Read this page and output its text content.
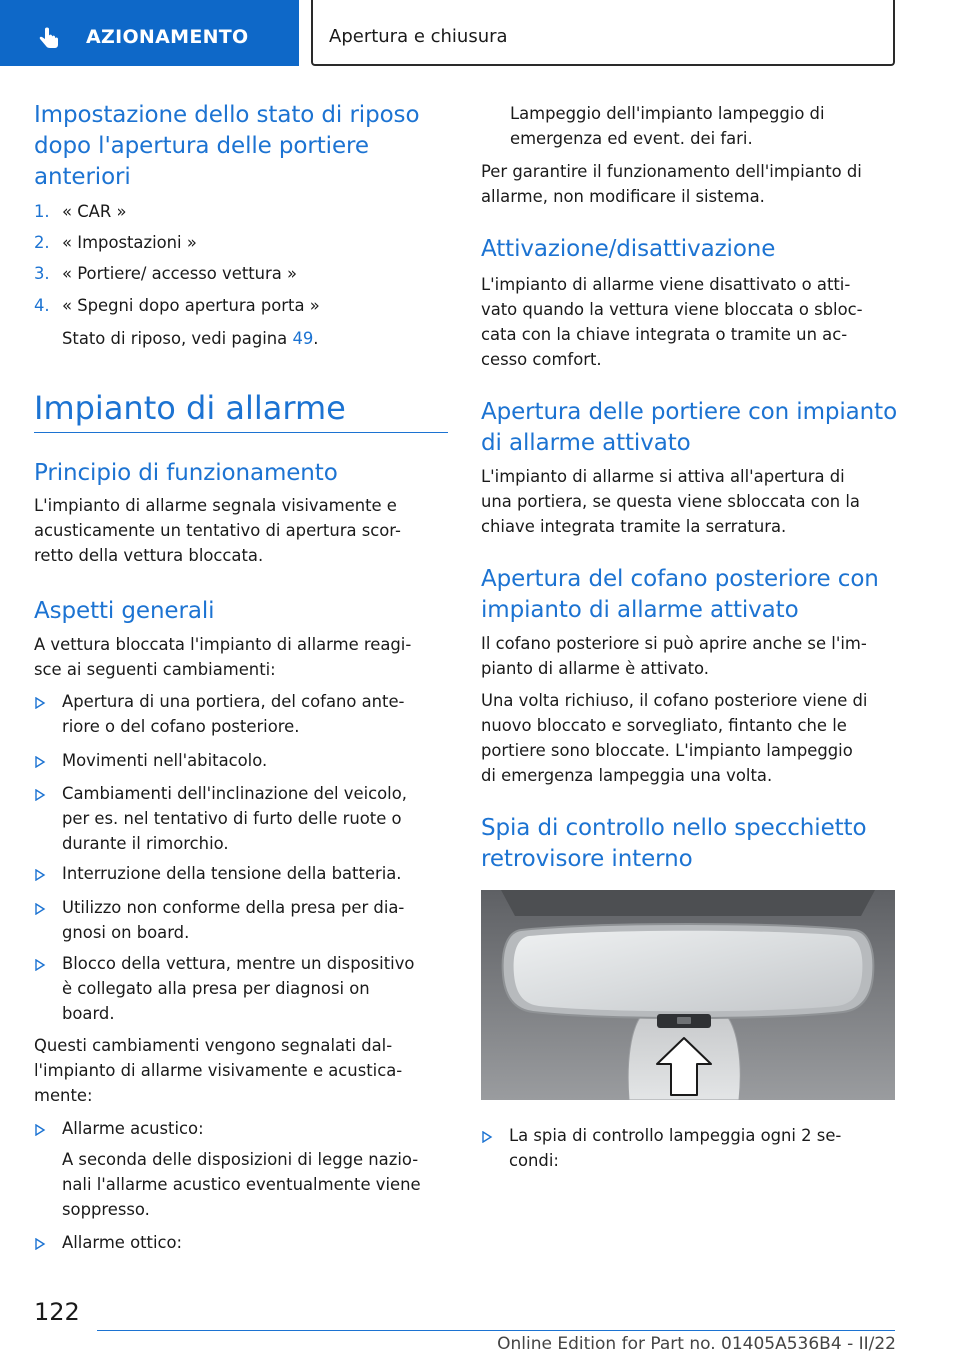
AZIONAMENTO	Apertura e chiusura
Impostazione dello stato di riposo dopo l'apertura delle portiere anteriori
1. « CAR »
2. « Impostazioni »
3. « Portiere/ accesso vettura »
4. « Spegni dopo apertura porta »
Stato di riposo, vedi pagina 49.
Impianto di allarme
Principio di funzionamento
L'impianto di allarme segnala visivamente e
acusticamente un tentativo di apertura scor-
retto della vettura bloccata.
Aspetti generali
A vettura bloccata l'impianto di allarme reagi-
sce ai seguenti cambiamenti:
Apertura di una portiera, del cofano ante-
riore o del cofano posteriore.
Movimenti nell'abitacolo.
Cambiamenti dell'inclinazione del veicolo,
per es. nel tentativo di furto delle ruote o
durante il rimorchio.
Interruzione della tensione della batteria.
Utilizzo non conforme della presa per dia-
gnosi on board.
Blocco della vettura, mentre un dispositivo
è collegato alla presa per diagnosi on
board.
Questi cambiamenti vengono segnalati dal-
l'impianto di allarme visivamente e acustica-
mente:
Allarme acustico:
A seconda delle disposizioni di legge nazio-
nali l'allarme acustico eventualmente viene
soppresso.
Allarme ottico:
Lampeggio dell'impianto lampeggio di
emergenza ed event. dei fari.
Per garantire il funzionamento dell'impianto di
allarme, non modificare il sistema.
Attivazione/disattivazione
L'impianto di allarme viene disattivato o atti-
vato quando la vettura viene bloccata o sbloc-
cata con la chiave integrata o tramite un ac-
cesso comfort.
Apertura delle portiere con impianto
di allarme attivato
L'impianto di allarme si attiva all'apertura di
una portiera, se questa viene sbloccata con la
chiave integrata tramite la serratura.
Apertura del cofano posteriore con
impianto di allarme attivato
Il cofano posteriore si può aprire anche se l'im-
pianto di allarme è attivato.
Una volta richiuso, il cofano posteriore viene di
nuovo bloccato e sorvegliato, fintanto che le
portiere sono bloccate. L'impianto lampeggio
di emergenza lampeggia una volta.
Spia di controllo nello specchietto
retrovisore interno
La spia di controllo lampeggia ogni 2 se-
condi:
122
Online Edition for Part no. 01405A536B4 - II/22
